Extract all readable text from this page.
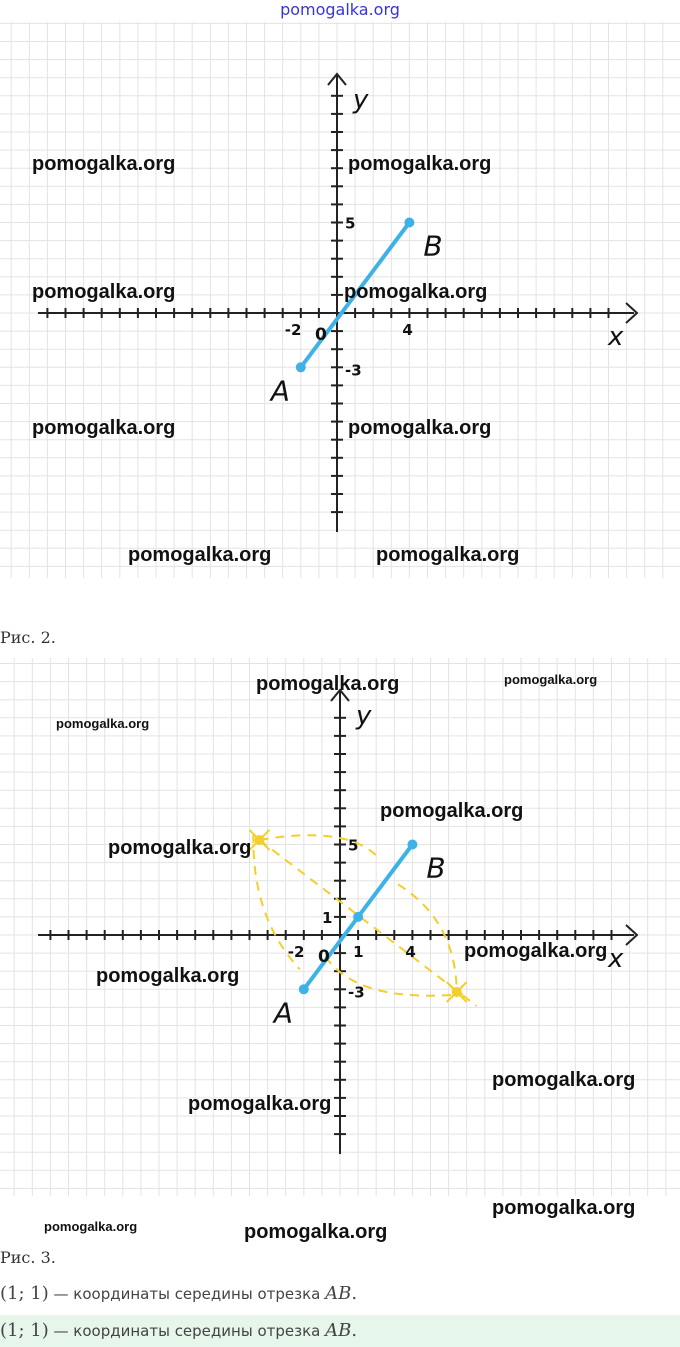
pomogalka.org
A
B
x
y
0
-2	4
5
-3
pomogalka.org	pomogalka.org
pomogalka.org	pomogalka.org
pomogalka.org	pomogalka.org
pomogalka.org	pomogalka.org
Рис. 2.
A
B
x
y
0
-2	1	4
5
1
-3
pomogalka.org	pomogalka.org
pomogalka.org
pomogalka.org
pomogalka.org
pomogalka.org
pomogalka.org
pomogalka.org
pomogalka.org
pomogalka.org
pomogalka.org	pomogalka.org
Рис. 3.
(1; 1) — координаты середины отрезка AB.
(1; 1) — координаты середины отрезка AB.
